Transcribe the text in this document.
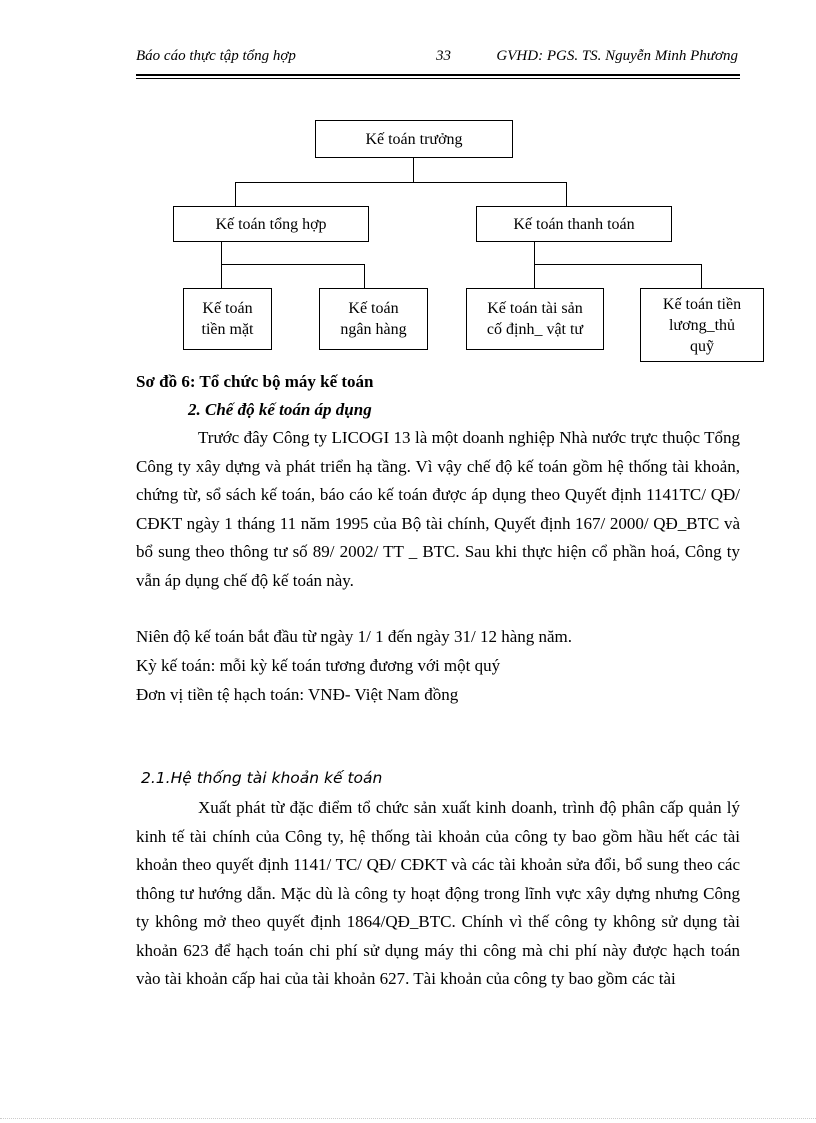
Báo cáo thực tập tổng hợp	33	GVHD: PGS. TS. Nguyễn Minh Phương
Kế toán trưởng
Kế toán tổng hợp	Kế toán thanh toán
Kế toán
tiền mặt
Kế toán
ngân hàng
Kế toán tài sản
cố định_ vật tư
Kế toán tiền
lương_thủ
quỹ
Sơ đồ 6: Tổ chức bộ máy kế toán
2. Chế độ kế toán áp dụng
Trước đây Công ty LICOGI 13 là một doanh nghiệp Nhà nước trực thuộc Tổng Công ty xây dựng và phát triển hạ tầng. Vì vậy chế độ kế toán gồm hệ thống tài khoản, chứng từ, sổ sách kế toán, báo cáo kế toán được áp dụng theo Quyết định 1141TC/ QĐ/ CĐKT ngày 1 tháng 11 năm 1995 của Bộ tài chính, Quyết định 167/ 2000/ QĐ_BTC và bổ sung theo thông tư số 89/ 2002/ TT _ BTC. Sau khi thực hiện cổ phần hoá, Công ty vẫn áp dụng chế độ kế toán này.
Niên độ kế toán bắt đầu từ ngày 1/ 1 đến ngày 31/ 12 hàng năm.
Kỳ kế toán: mỗi kỳ kế toán tương đương với một quý
Đơn vị tiền tệ hạch toán: VNĐ- Việt Nam đồng
2.1.Hệ thống tài khoản kế toán
Xuất phát từ đặc điểm tổ chức sản xuất kinh doanh, trình độ phân cấp quản lý kinh tế tài chính của Công ty, hệ thống tài khoản của công ty bao gồm hầu hết các tài khoản theo quyết định 1141/ TC/ QĐ/ CĐKT và các tài khoản sửa đổi, bổ sung theo các thông tư hướng dẫn. Mặc dù là công ty hoạt động trong lĩnh vực xây dựng nhưng Công ty không mở theo quyết định 1864/QĐ_BTC. Chính vì thế công ty không sử dụng tài khoản 623 để hạch toán chi phí sử dụng máy thi công mà chi phí này được hạch toán vào tài khoản cấp hai của tài khoản 627. Tài khoản của công ty bao gồm các tài
